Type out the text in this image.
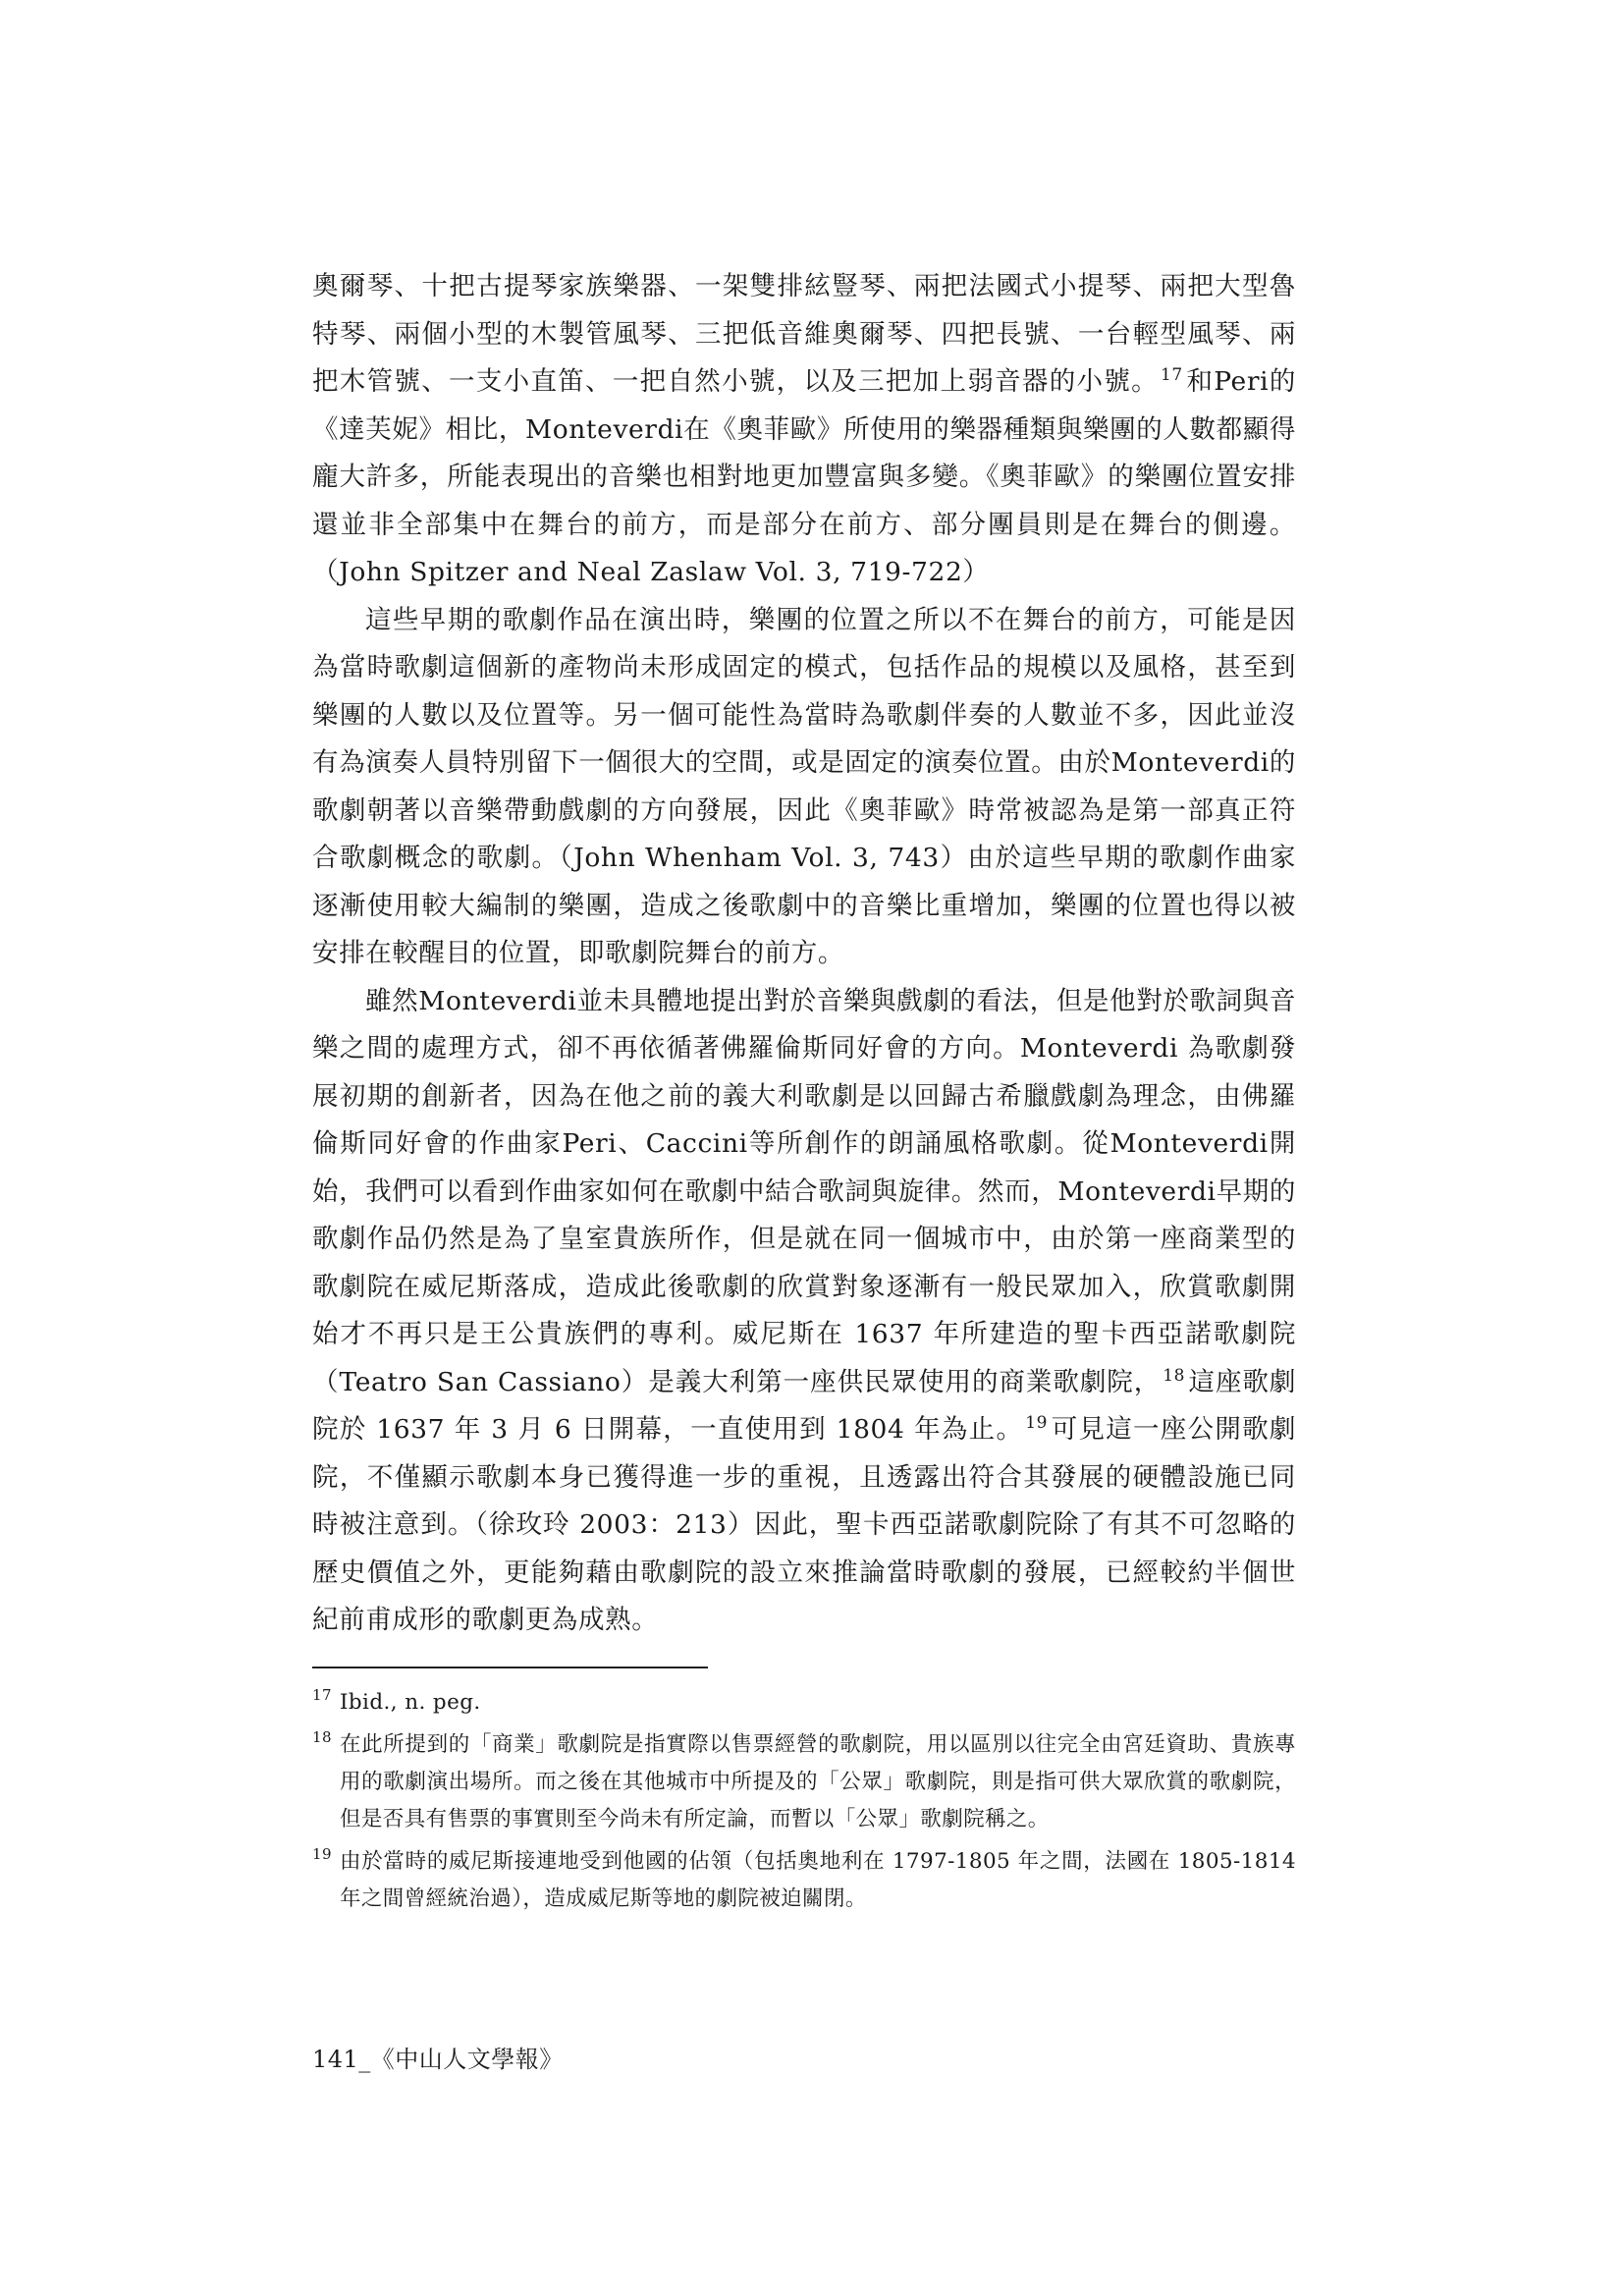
奧爾琴、十把古提琴家族樂器、一架雙排絃豎琴、兩把法國式小提琴、兩把大型魯特琴、兩個小型的木製管風琴、三把低音維奧爾琴、四把長號、一台輕型風琴、兩把木管號、一支小直笛、一把自然小號，以及三把加上弱音器的小號。 $^{17}$ 和Peri的《達芙妮》相比，Monteverdi在《奧菲歐》所使用的樂器種類與樂團的人數都顯得龐大許多，所能表現出的音樂也相對地更加豐富與多變。《奧菲歐》的樂團位置安排還並非全部集中在舞台的前方，而是部分在前方、部分團員則是在舞台的側邊。（John Spitzer and Neal Zaslaw Vol. 3, 719-722）

這些早期的歌劇作品在演出時，樂團的位置之所以不在舞台的前方，可能是因為當時歌劇這個新的產物尚未形成固定的模式，包括作品的規模以及風格，甚至到樂團的人數以及位置等。另一個可能性為當時為歌劇伴奏的人數並不多，因此並沒有為演奏人員特別留下一個很大的空間，或是固定的演奏位置。由於Monteverdi的歌劇朝著以音樂帶動戲劇的方向發展，因此《奧菲歐》時常被認為是第一部真正符合歌劇概念的歌劇。（John Whenham Vol. 3, 743）由於這些早期的歌劇作曲家逐漸使用較大編制的樂團，造成之後歌劇中的音樂比重增加，樂團的位置也得以被安排在較醒目的位置，即歌劇院舞台的前方。

雖然Monteverdi並未具體地提出對於音樂與戲劇的看法，但是他對於歌詞與音樂之間的處理方式，卻不再依循著佛羅倫斯同好會的方向。Monteverdi 為歌劇發展初期的創新者，因為在他之前的義大利歌劇是以回歸古希臘戲劇為理念，由佛羅倫斯同好會的作曲家Peri、Caccini等所創作的朗誦風格歌劇。從Monteverdi開始，我們可以看到作曲家如何在歌劇中結合歌詞與旋律。然而，Monteverdi早期的歌劇作品仍然是為了皇室貴族所作，但是就在同一個城市中，由於第一座商業型的歌劇院在威尼斯落成，造成此後歌劇的欣賞對象逐漸有一般民眾加入，欣賞歌劇開始才不再只是王公貴族們的專利。威尼斯在 1637 年所建造的聖卡西亞諾歌劇院（Teatro San Cassiano）是義大利第一座供民眾使用的商業歌劇院， $^{18}$ 這座歌劇院於 1637 年 3 月 6 日開幕，一直使用到 1804 年為止。 $^{19}$ 可見這一座公開歌劇院，不僅顯示歌劇本身已獲得進一步的重視，且透露出符合其發展的硬體設施已同時被注意到。（徐玫玲 2003：213）因此，聖卡西亞諾歌劇院除了有其不可忽略的歷史價值之外，更能夠藉由歌劇院的設立來推論當時歌劇的發展，已經較約半個世紀前甫成形的歌劇更為成熟。

17 Ibid., n. peg.

18 在此所提到的「商業」歌劇院是指實際以售票經營的歌劇院，用以區別以往完全由宮廷資助、貴族專用的歌劇演出場所。而之後在其他城市中所提及的「公眾」歌劇院，則是指可供大眾欣賞的歌劇院，但是否具有售票的事實則至今尚未有所定論，而暫以「公眾」歌劇院稱之。

19 由於當時的威尼斯接連地受到他國的佔領（包括奧地利在 1797-1805 年之間，法國在 1805-1814 年之間曾經統治過），造成威尼斯等地的劇院被迫關閉。

141_《中山人文學報》
